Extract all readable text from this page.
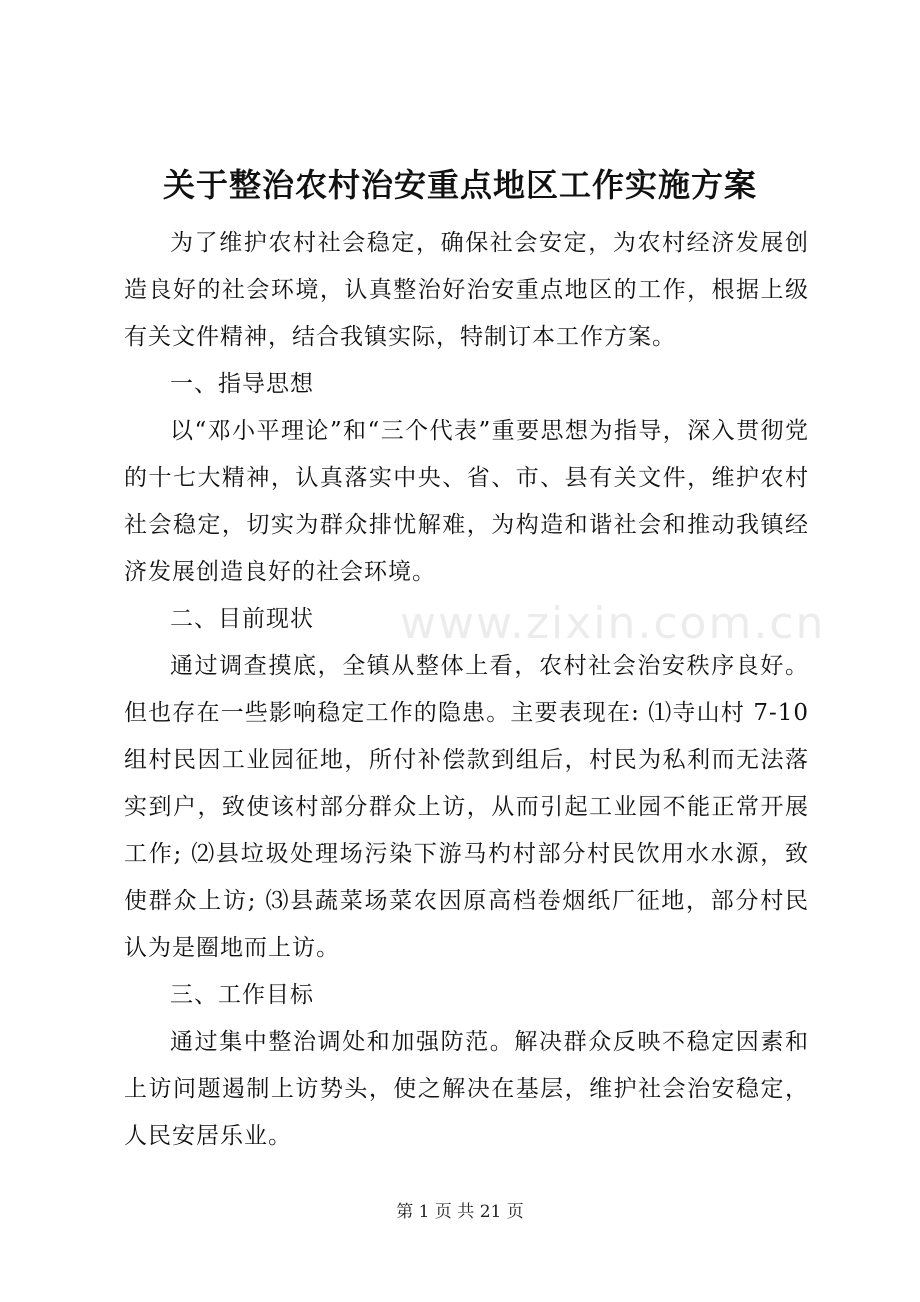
关于整治农村治安重点地区工作实施方案

为了维护农村社会稳定，确保社会安定，为农村经济发展创造良好的社会环境，认真整治好治安重点地区的工作，根据上级有关文件精神，结合我镇实际，特制订本工作方案。

一、指导思想

以“邓小平理论”和“三个代表”重要思想为指导，深入贯彻党的十七大精神，认真落实中央、省、市、县有关文件，维护农村社会稳定，切实为群众排忧解难，为构造和谐社会和推动我镇经济发展创造良好的社会环境。

二、目前现状

通过调查摸底，全镇从整体上看，农村社会治安秩序良好。但也存在一些影响稳定工作的隐患。主要表现在: ⑴寺山村 7-10组村民因工业园征地，所付补偿款到组后，村民为私利而无法落实到户，致使该村部分群众上访，从而引起工业园不能正常开展工作; ⑵县垃圾处理场污染下游马杓村部分村民饮用水水源，致使群众上访; ⑶县蔬菜场菜农因原高档卷烟纸厂征地，部分村民认为是圈地而上访。

三、工作目标

通过集中整治调处和加强防范。解决群众反映不稳定因素和上访问题遏制上访势头，使之解决在基层，维护社会治安稳定，人民安居乐业。

www.zixin.com.cn
第 1 页 共 21 页
